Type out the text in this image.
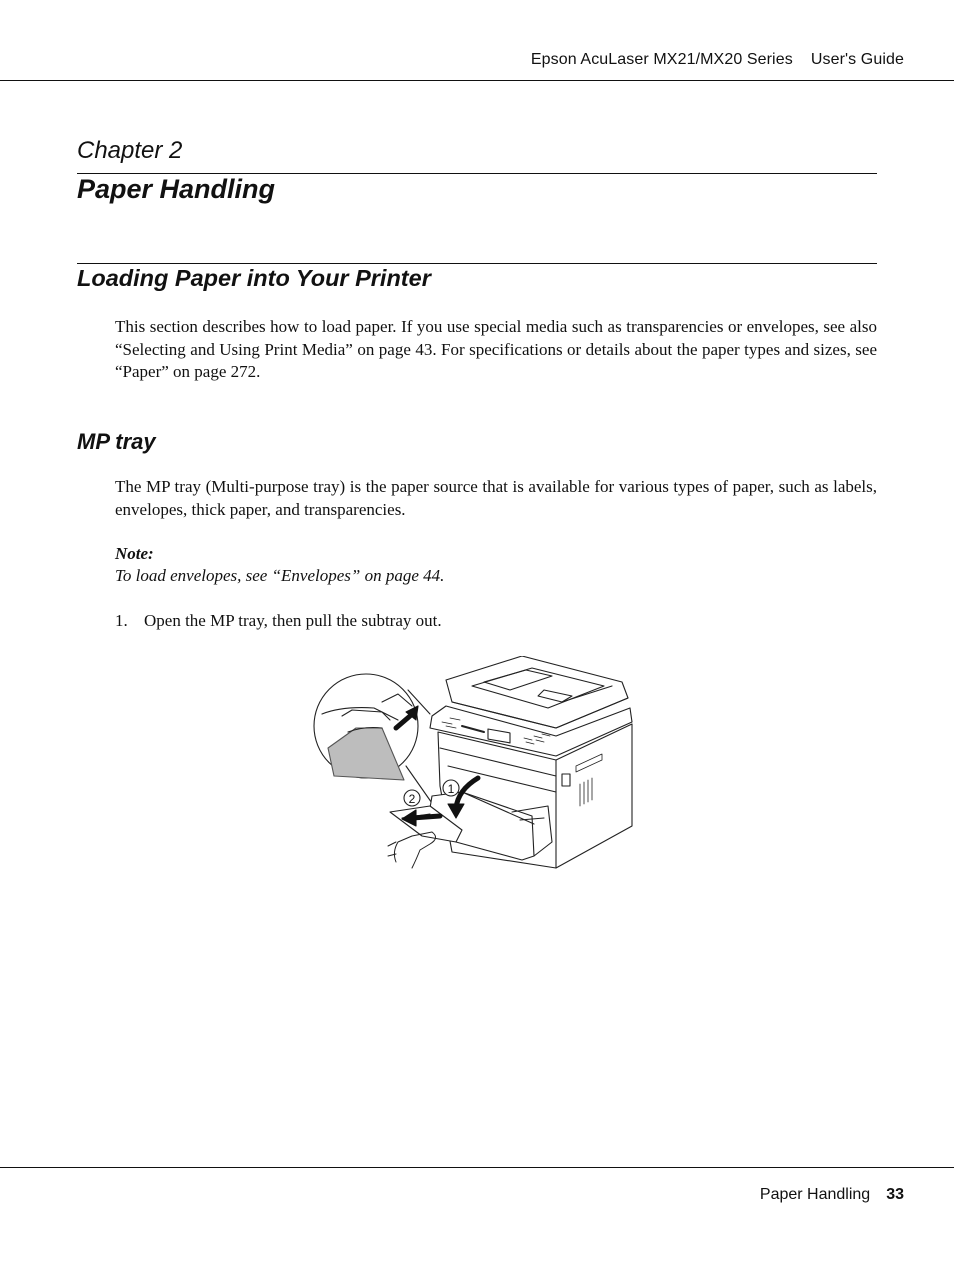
Epson AcuLaser MX21/MX20 Series User's Guide
Chapter 2
Paper Handling
Loading Paper into Your Printer
This section describes how to load paper. If you use special media such as transparencies or envelopes, see also “Selecting and Using Print Media” on page 43. For specifications or details about the paper types and sizes, see “Paper” on page 272.
MP tray
The MP tray (Multi-purpose tray) is the paper source that is available for various types of paper, such as labels, envelopes, thick paper, and transparencies.
Note:
To load envelopes, see “Envelopes” on page 44.
1. Open the MP tray, then pull the subtray out.
1
2
Paper Handling 33
